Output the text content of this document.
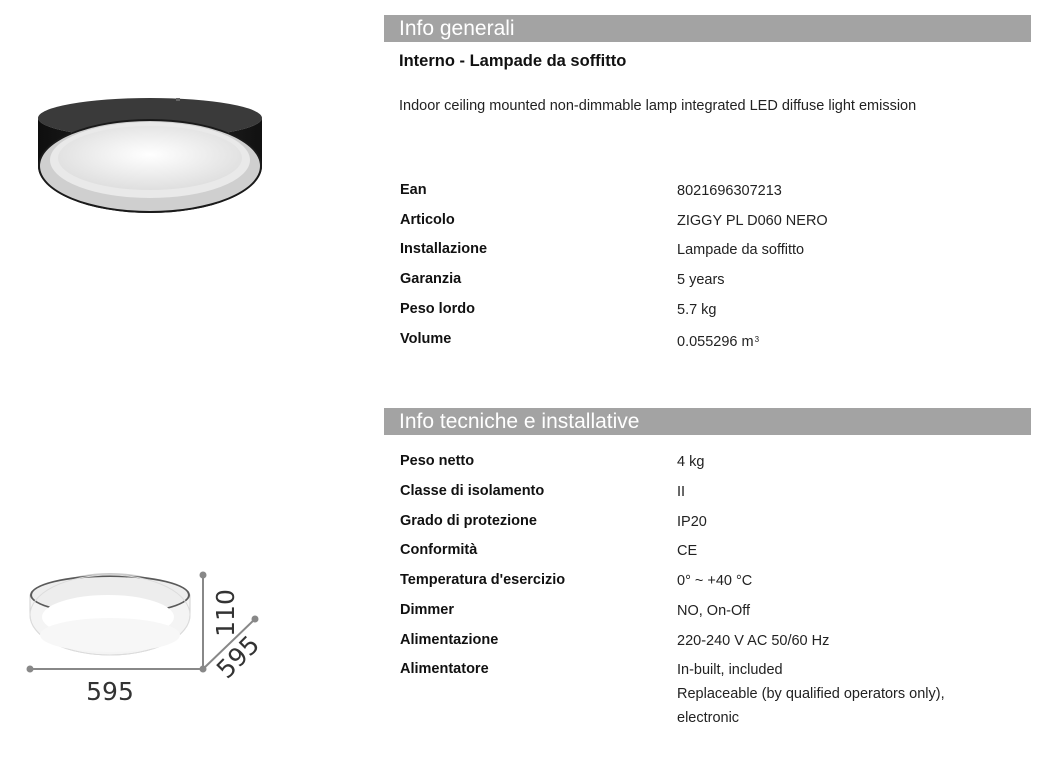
Info generali
Interno - Lampade da soffitto
Indoor ceiling mounted non-dimmable lamp integrated LED diffuse light emission
Ean	8021696307213
Articolo	ZIGGY PL D060 NERO
Installazione	Lampade da soffitto
Garanzia	5 years
Peso lordo	5.7 kg
Volume	0.055296 $m^3$
Info tecniche e installative
Peso netto	4 kg
Classe di isolamento	II
Grado di protezione	IP20
Conformità	CE
Temperatura d'esercizio	0° ~ +40 °C
Dimmer	NO, On-Off
Alimentazione	220-240 V AC 50/60 Hz
Alimentatore	In-built, included
Replaceable (by qualified operators only),
electronic
595
110
595
